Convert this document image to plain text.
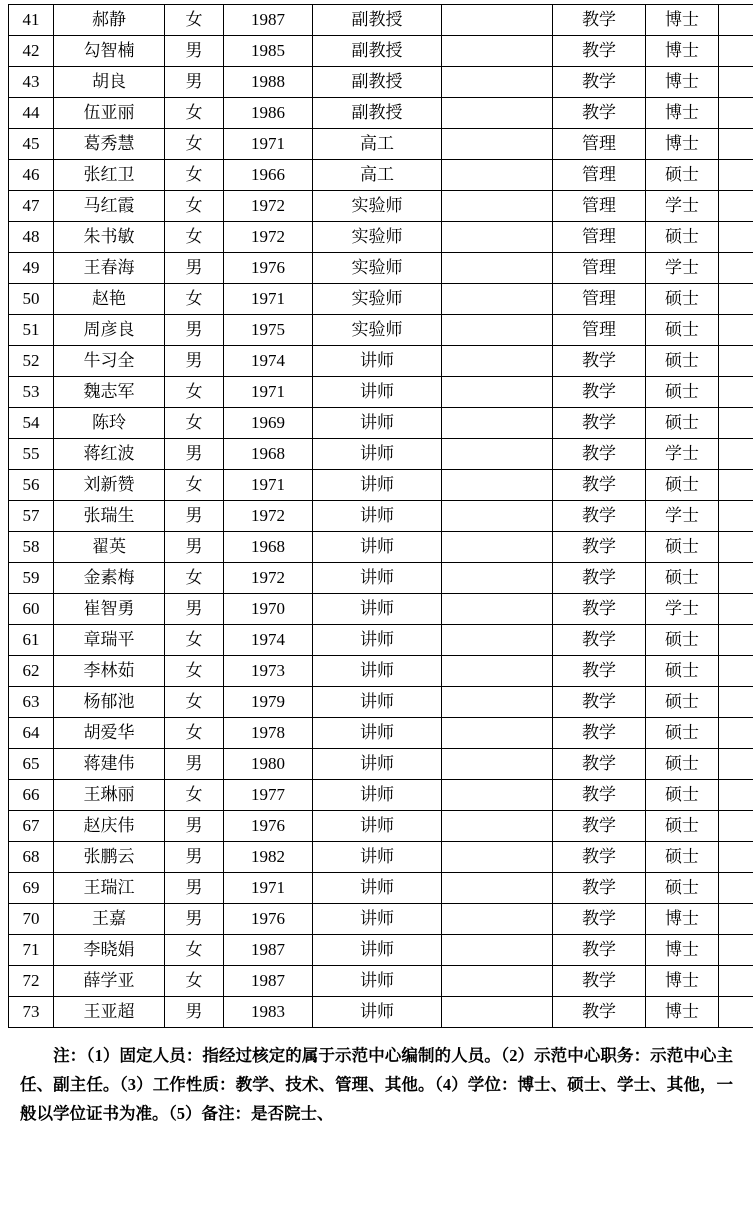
41	郝静	女	1987	副教授		教学	博士	
42	勾智楠	男	1985	副教授		教学	博士	
43	胡良	男	1988	副教授		教学	博士	
44	伍亚丽	女	1986	副教授		教学	博士	
45	葛秀慧	女	1971	高工		管理	博士	
46	张红卫	女	1966	高工		管理	硕士	
47	马红霞	女	1972	实验师		管理	学士	
48	朱书敏	女	1972	实验师		管理	硕士	
49	王春海	男	1976	实验师		管理	学士	
50	赵艳	女	1971	实验师		管理	硕士	
51	周彦良	男	1975	实验师		管理	硕士	
52	牛习全	男	1974	讲师		教学	硕士	
53	魏志军	女	1971	讲师		教学	硕士	
54	陈玲	女	1969	讲师		教学	硕士	
55	蒋红波	男	1968	讲师		教学	学士	
56	刘新赞	女	1971	讲师		教学	硕士	
57	张瑞生	男	1972	讲师		教学	学士	
58	翟英	男	1968	讲师		教学	硕士	
59	金素梅	女	1972	讲师		教学	硕士	
60	崔智勇	男	1970	讲师		教学	学士	
61	章瑞平	女	1974	讲师		教学	硕士	
62	李林茹	女	1973	讲师		教学	硕士	
63	杨郁池	女	1979	讲师		教学	硕士	
64	胡爱华	女	1978	讲师		教学	硕士	
65	蒋建伟	男	1980	讲师		教学	硕士	
66	王琳丽	女	1977	讲师		教学	硕士	
67	赵庆伟	男	1976	讲师		教学	硕士	
68	张鹏云	男	1982	讲师		教学	硕士	
69	王瑞江	男	1971	讲师		教学	硕士	
70	王嘉	男	1976	讲师		教学	博士	
71	李晓娟	女	1987	讲师		教学	博士	
72	薛学亚	女	1987	讲师		教学	博士	
73	王亚超	男	1983	讲师		教学	博士	
注：（1）固定人员：指经过核定的属于示范中心编制的人员。（2）示范中心职务：示范中心主任、副主任。（3）工作性质：教学、技术、管理、其他。（4）学位：博士、硕士、学士、其他，一般以学位证书为准。（5）备注：是否院士、
